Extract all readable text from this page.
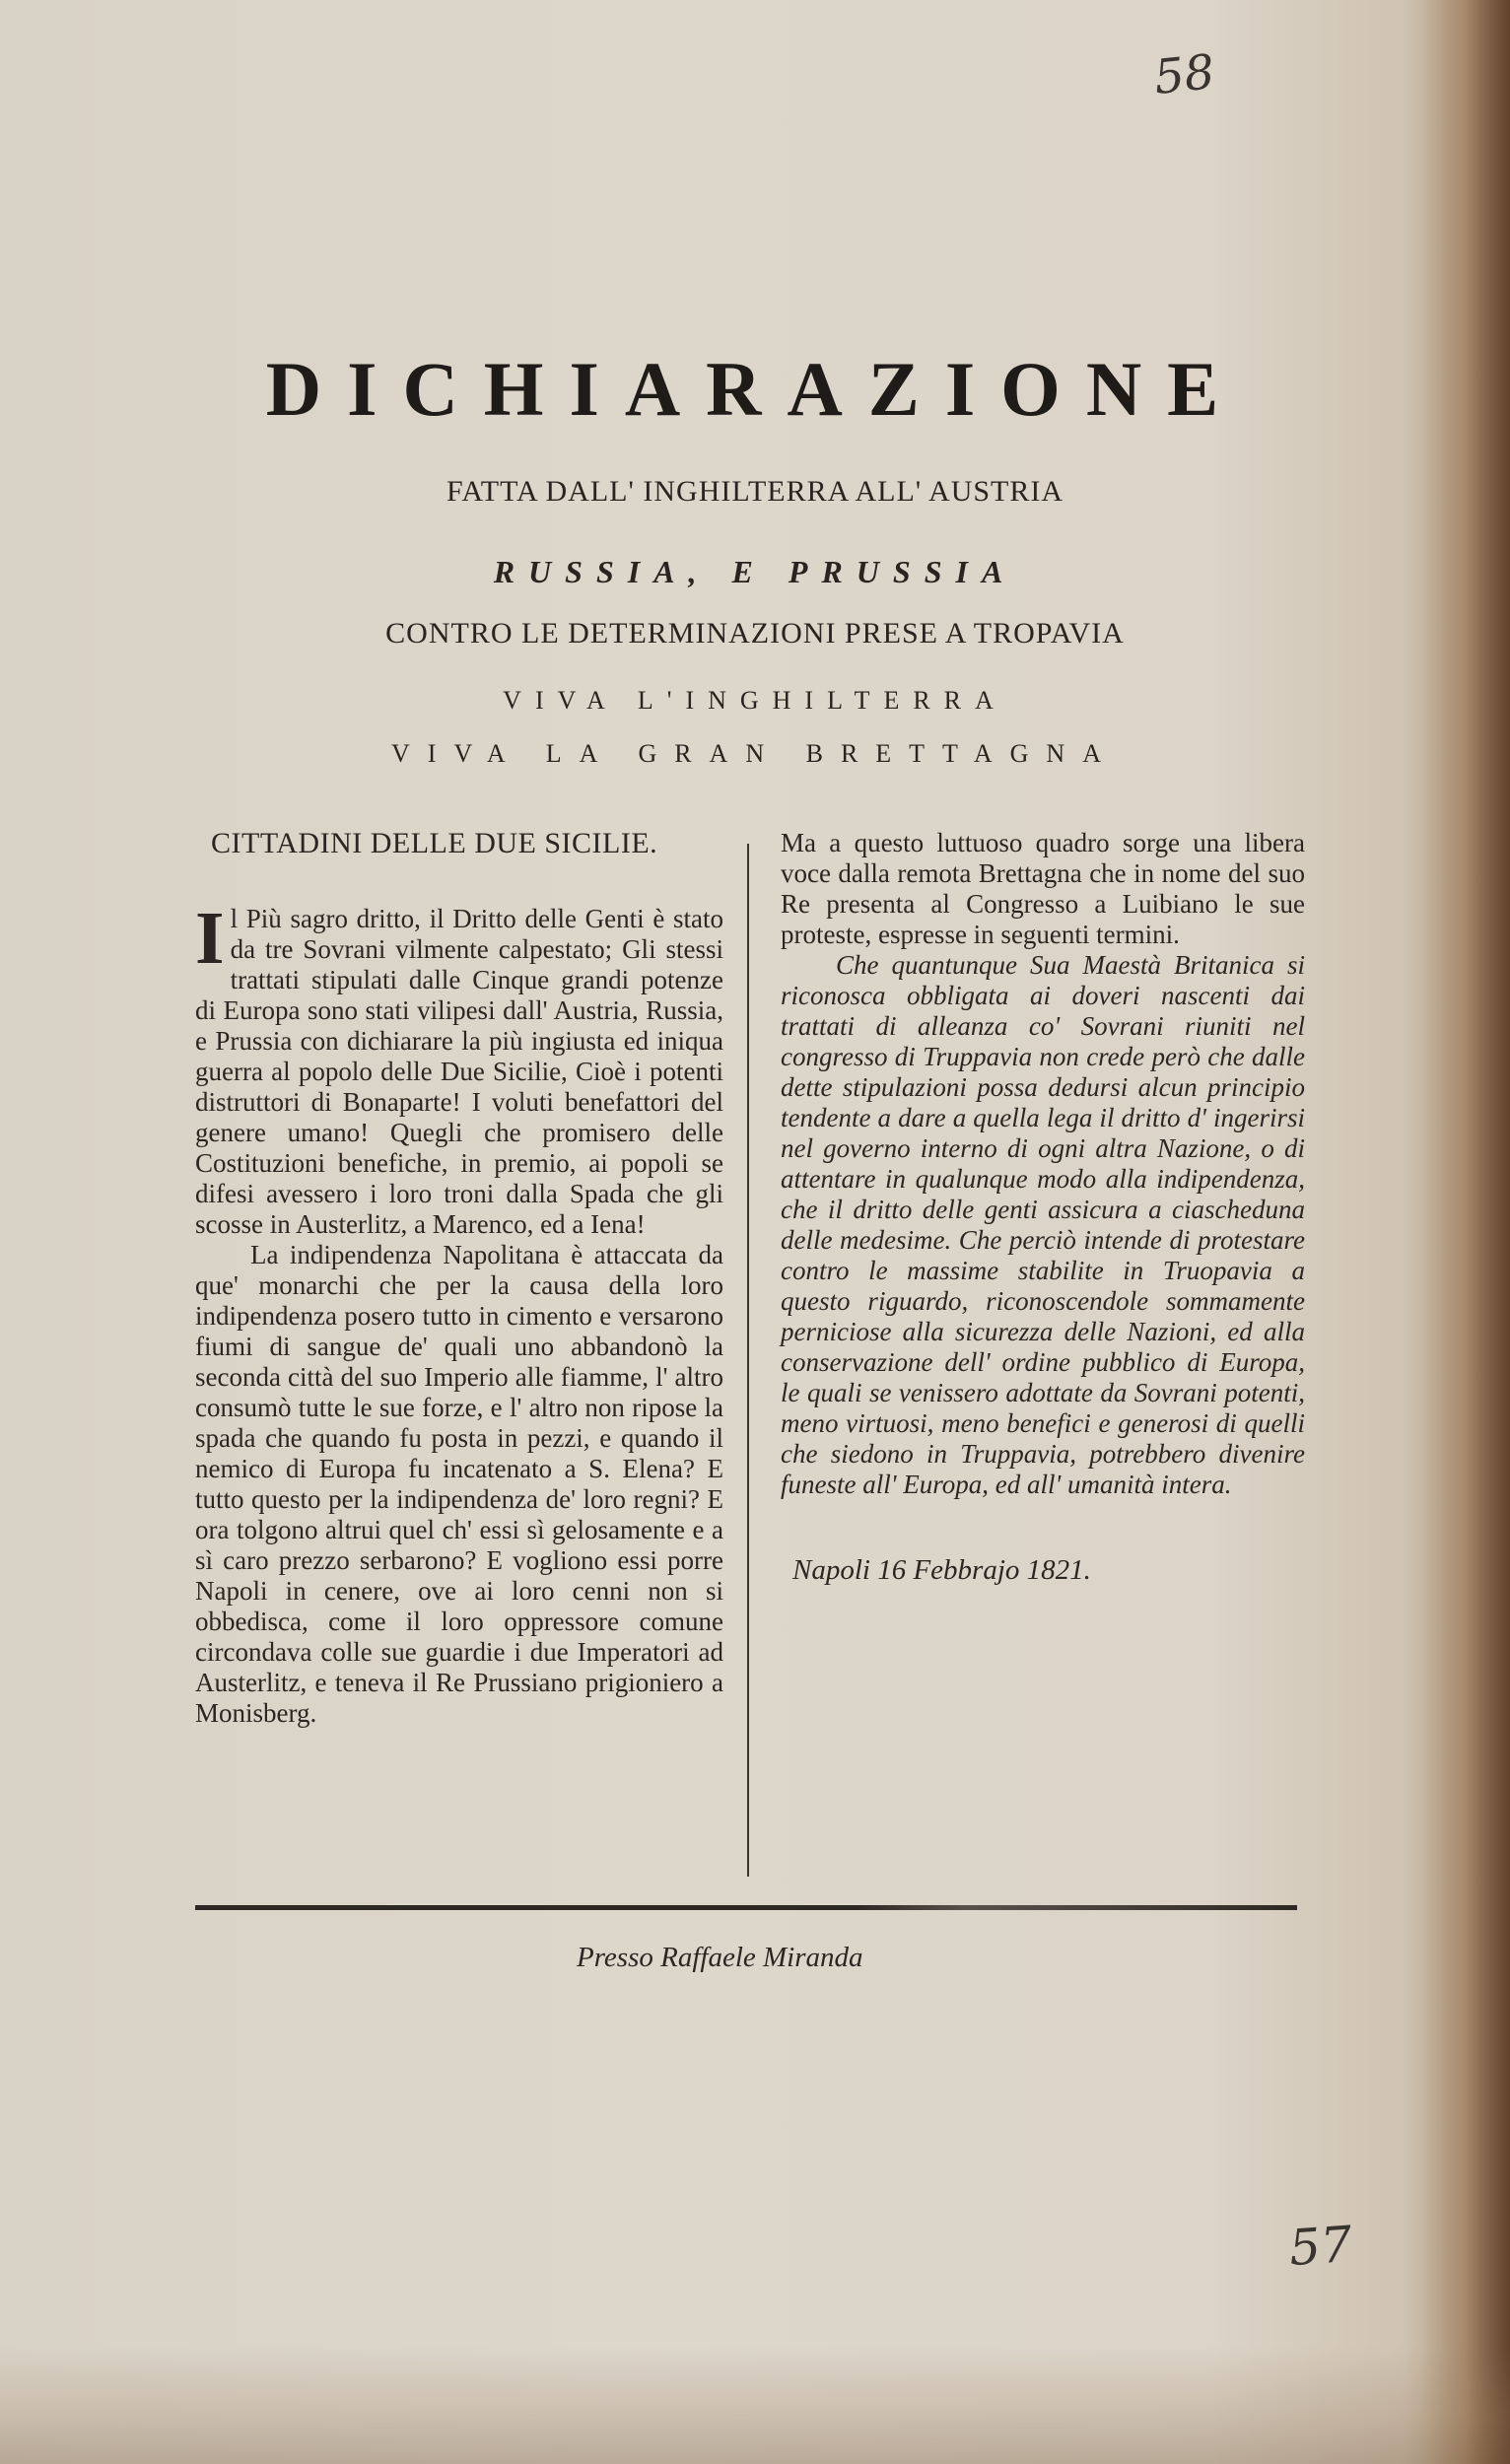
58
DICHIARAZIONE
FATTA DALL' INGHILTERRA ALL' AUSTRIA
RUSSIA, E PRUSSIA
CONTRO LE DETERMINAZIONI PRESE A TROPAVIA
VIVA L'INGHILTERRA
VIVA LA GRAN BRETTAGNA
CITTADINI DELLE DUE SICILIE.

Il Più sagro dritto, il Dritto delle Genti è stato da tre Sovrani vilmente calpestato; Gli stessi trattati stipulati dalle Cinque grandi potenze di Europa sono stati vilipesi dall' Austria, Russia, e Prussia con dichiarare la più ingiusta ed iniqua guerra al popolo delle Due Sicilie, Cioè i potenti distruttori di Bonaparte! I voluti benefattori del genere umano! Quegli che promisero delle Costituzioni benefiche, in premio, ai popoli se difesi avessero i loro troni dalla Spada che gli scosse in Austerlitz, a Marenco, ed a Iena!

La indipendenza Napolitana è attaccata da que' monarchi che per la causa della loro indipendenza posero tutto in cimento e versarono fiumi di sangue de' quali uno abbandonò la seconda città del suo Imperio alle fiamme, l' altro consumò tutte le sue forze, e l' altro non ripose la spada che quando fu posta in pezzi, e quando il nemico di Europa fu incatenato a S. Elena? E tutto questo per la indipendenza de' loro regni? E ora tolgono altrui quel ch' essi sì gelosamente e a sì caro prezzo serbarono? E vogliono essi porre Napoli in cenere, ove ai loro cenni non si obbedisca, come il loro oppressore comune circondava colle sue guardie i due Imperatori ad Austerlitz, e teneva il Re Prussiano prigioniero a Monisberg.

Ma a questo luttuoso quadro sorge una libera voce dalla remota Brettagna che in nome del suo Re presenta al Congresso a Luibiano le sue proteste, espresse in seguenti termini.

Che quantunque Sua Maestà Britanica si riconosca obbligata ai doveri nascenti dai trattati di alleanza co' Sovrani riuniti nel congresso di Truppavia non crede però che dalle dette stipulazioni possa dedursi alcun principio tendente a dare a quella lega il dritto d' ingerirsi nel governo interno di ogni altra Nazione, o di attentare in qualunque modo alla indipendenza, che il dritto delle genti assicura a ciascheduna delle medesime. Che perciò intende di protestare contro le massime stabilite in Truopavia a questo riguardo, riconoscendole sommamente perniciose alla sicurezza delle Nazioni, ed alla conservazione dell' ordine pubblico di Europa, le quali se venissero adottate da Sovrani potenti, meno virtuosi, meno benefici e generosi di quelli che siedono in Truppavia, potrebbero divenire funeste all' Europa, ed all' umanità intera.

Napoli 16 Febbrajo 1821.

Presso Raffaele Miranda
57
